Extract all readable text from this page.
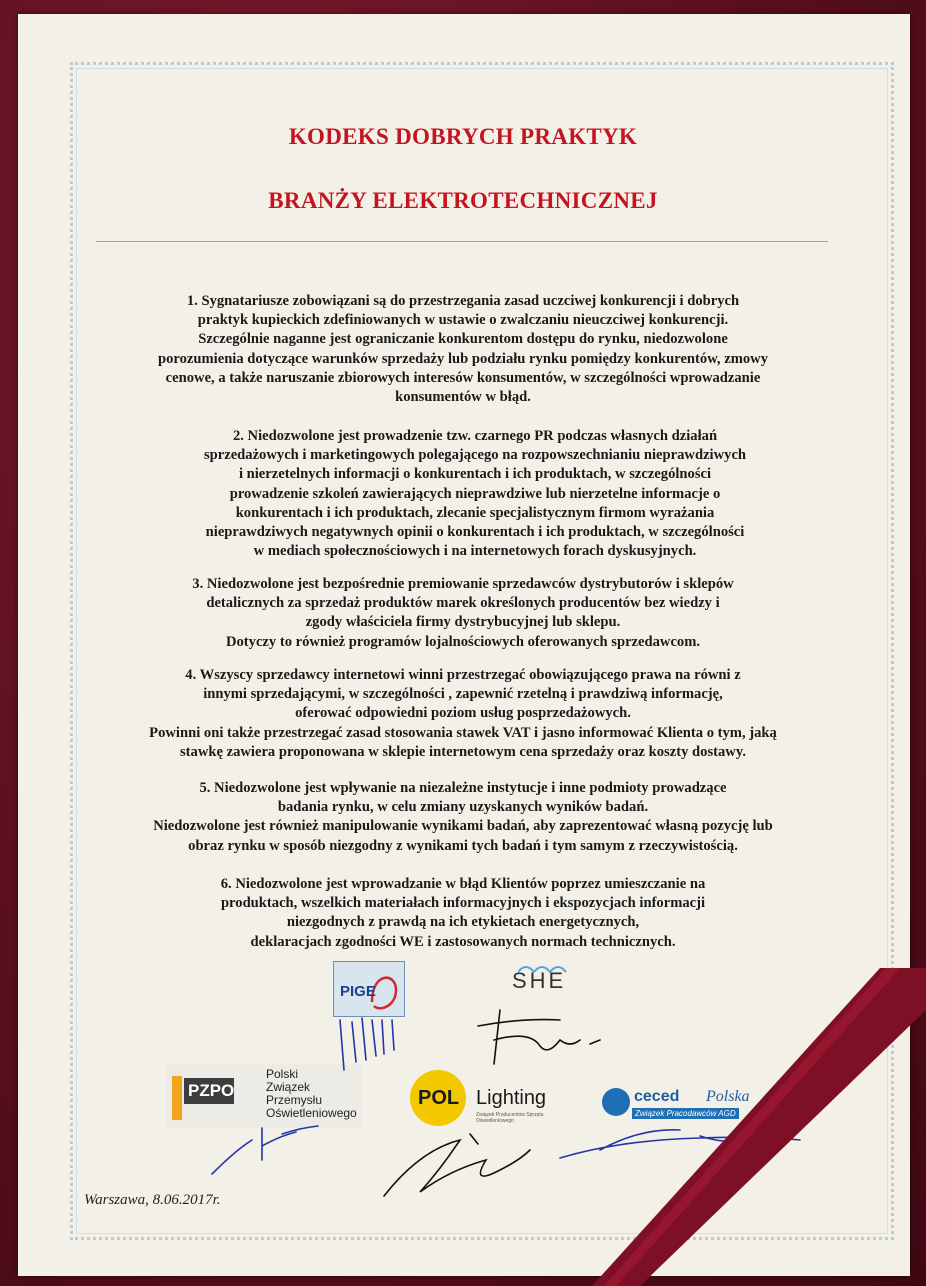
KODEKS DOBRYCH PRAKTYK
BRANŻY ELEKTROTECHNICZNEJ
1. Sygnatariusze zobowiązani są do przestrzegania zasad uczciwej konkurencji i dobrych
praktyk kupieckich zdefiniowanych w ustawie o zwalczaniu nieuczciwej konkurencji.
Szczególnie naganne jest ograniczanie konkurentom dostępu do rynku, niedozwolone
porozumienia dotyczące warunków sprzedaży lub podziału rynku pomiędzy konkurentów, zmowy
cenowe, a także naruszanie zbiorowych interesów konsumentów, w szczególności wprowadzanie
konsumentów w błąd.
2. Niedozwolone jest prowadzenie tzw. czarnego PR podczas własnych działań
sprzedażowych i marketingowych polegającego na rozpowszechnianiu nieprawdziwych
i nierzetelnych informacji o konkurentach i ich produktach, w szczególności
prowadzenie szkoleń zawierających nieprawdziwe lub nierzetelne informacje o
konkurentach i ich produktach, zlecanie specjalistycznym firmom wyrażania
nieprawdziwych negatywnych opinii o konkurentach i ich produktach, w szczególności
w mediach społecznościowych i na internetowych forach dyskusyjnych.
3. Niedozwolone jest bezpośrednie premiowanie sprzedawców dystrybutorów i sklepów
detalicznych za sprzedaż produktów marek określonych producentów bez wiedzy i
zgody właściciela firmy dystrybucyjnej lub sklepu.
Dotyczy to również programów lojalnościowych oferowanych sprzedawcom.
4. Wszyscy sprzedawcy internetowi winni przestrzegać obowiązującego prawa na równi z
innymi sprzedającymi, w szczególności , zapewnić rzetelną i prawdziwą informację,
oferować odpowiedni poziom usług posprzedażowych.
Powinni oni także przestrzegać zasad stosowania stawek VAT i jasno informować Klienta o tym, jaką
stawkę zawiera proponowana w sklepie internetowym cena sprzedaży oraz koszty dostawy.
5. Niedozwolone jest wpływanie na niezależne instytucje i inne podmioty prowadzące
badania rynku, w celu zmiany uzyskanych wyników badań.
Niedozwolone jest również manipulowanie wynikami badań, aby zaprezentować własną pozycję lub
obraz rynku w sposób niezgodny z wynikami tych badań i tym samym z rzeczywistością.
6. Niedozwolone jest wprowadzanie w błąd Klientów poprzez umieszczanie na
produktach, wszelkich materiałach informacyjnych i ekspozycjach informacji
niezgodnych z prawdą na ich etykietach energetycznych,
deklaracjach zgodności WE i zastosowanych normach technicznych.
PIGE	SHE
PZPO
Polski
Związek
Przemysłu
Oświetleniowego
POL Lighting
Związek Producentów Sprzętu Oświetleniowego
ceced Polska
Związek Pracodawców AGD
Warszawa, 8.06.2017r.
